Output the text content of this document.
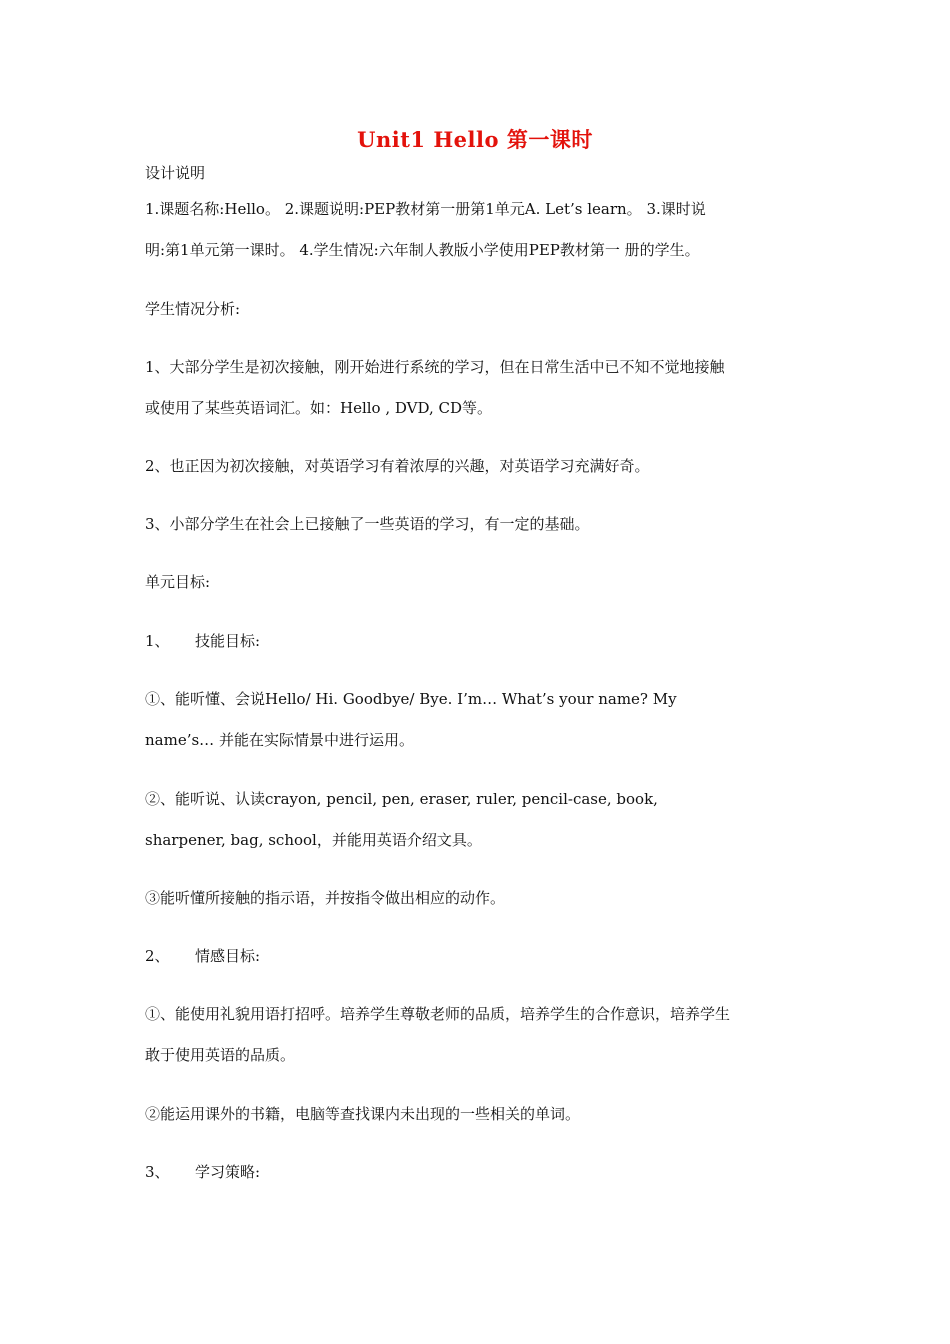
Unit1 Hello 第一课时
设计说明
1.课题名称:Hello。 2.课题说明:PEP教材第一册第1单元A. Let’s learn。 3.课时说
明:第1单元第一课时。 4.学生情况:六年制人教版小学使用PEP教材第一 册的学生。
学生情况分析:
1、大部分学生是初次接触，刚开始进行系统的学习，但在日常生活中已不知不觉地接触
或使用了某些英语词汇。如：Hello , DVD, CD等。
2、也正因为初次接触，对英语学习有着浓厚的兴趣，对英语学习充满好奇。
3、小部分学生在社会上已接触了一些英语的学习，有一定的基础。
单元目标:
1、 技能目标:
①、能听懂、会说Hello/ Hi. Goodbye/ Bye. I’m… What’s your name? My
name’s… 并能在实际情景中进行运用。
②、能听说、认读crayon, pencil, pen, eraser, ruler, pencil-case, book,
sharpener, bag, school，并能用英语介绍文具。
③能听懂所接触的指示语，并按指令做出相应的动作。
2、 情感目标:
①、能使用礼貌用语打招呼。培养学生尊敬老师的品质，培养学生的合作意识，培养学生
敢于使用英语的品质。
②能运用课外的书籍，电脑等查找课内未出现的一些相关的单词。
3、 学习策略:
